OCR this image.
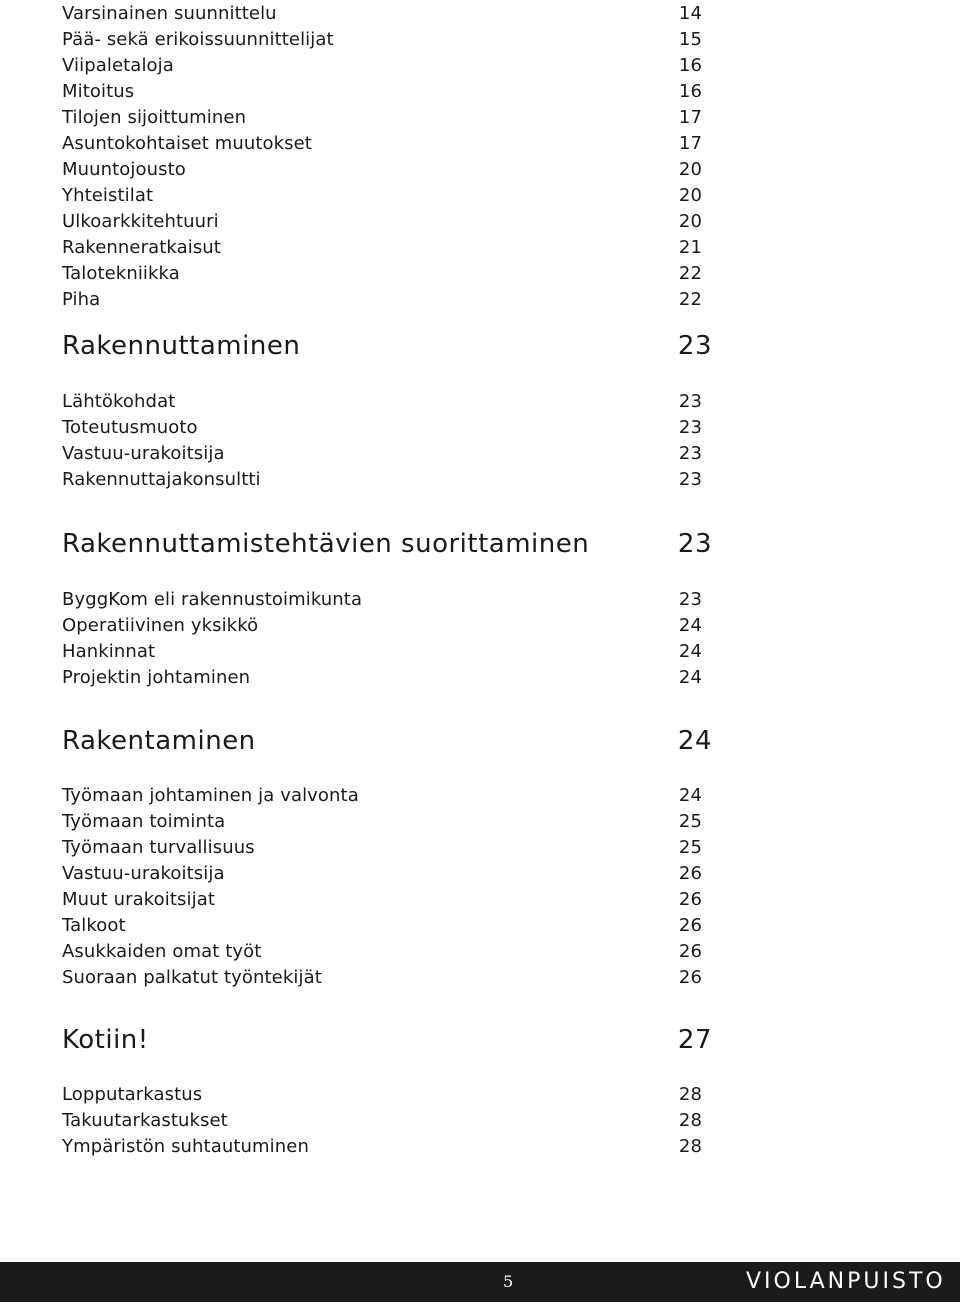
Varsinainen suunnittelu	14
Pää- sekä erikoissuunnittelijat	15
Viipaletaloja	16
Mitoitus	16
Tilojen sijoittuminen	17
Asuntokohtaiset muutokset	17
Muuntojousto	20
Yhteistilat	20
Ulkoarkkitehtuuri	20
Rakenneratkaisut	21
Talotekniikka	22
Piha	22
Rakennuttaminen	23
Lähtökohdat	23
Toteutusmuoto	23
Vastuu-urakoitsija	23
Rakennuttajakonsultti	23
Rakennuttamistehtävien suorittaminen	23
ByggKom eli rakennustoimikunta	23
Operatiivinen yksikkö	24
Hankinnat	24
Projektin johtaminen	24
Rakentaminen	24
Työmaan johtaminen ja valvonta	24
Työmaan toiminta	25
Työmaan turvallisuus	25
Vastuu-urakoitsija	26
Muut urakoitsijat	26
Talkoot	26
Asukkaiden omat työt	26
Suoraan palkatut työntekijät	26
Kotiin!	27
Lopputarkastus	28
Takuutarkastukset	28
Ympäristön suhtautuminen	28
5	VIOLANPUISTO
